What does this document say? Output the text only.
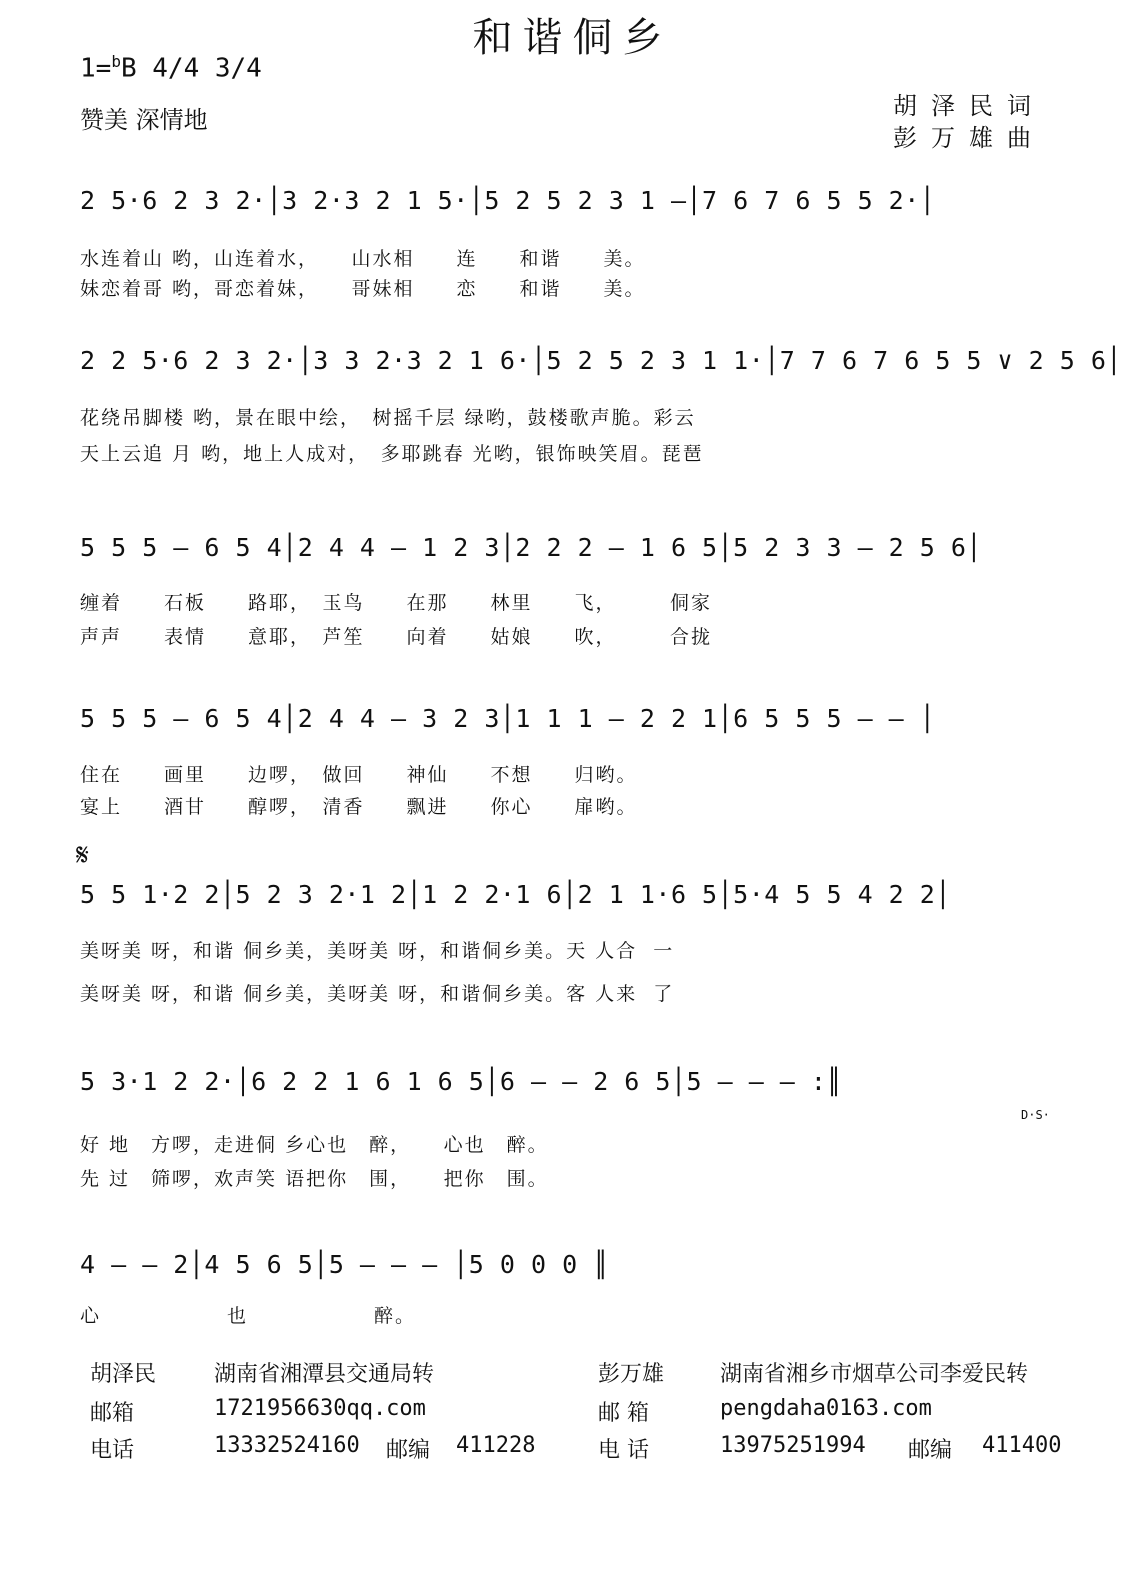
和谐侗乡
1=$^b$B 4/4 3/4
赞美 深情地	胡泽民词
彭万雄曲
2 5·6 2 3 2·│3 2·3 2 1 5·│5 2 5 2 3 1 –│7 6 7 6 5 5 2·│
水连着山 哟，山连着水，　　山水相　　连　　和谐　　美。
妹恋着哥 哟，哥恋着妹，　　哥妹相　　恋　　和谐　　美。
2 2 5·6 2 3 2·│3 3 2·3 2 1 6·│5 2 5 2 3 1 1·│7 7 6 7 6 5 5 ∨ 2 5 6│
花绕吊脚楼 哟，景在眼中绘，　树摇千层 绿哟，鼓楼歌声脆。彩云
天上云追 月 哟，地上人成对，　多耶跳春 光哟，银饰映笑眉。琵琶
5 5 5 – 6 5 4│2 4 4 – 1 2 3│2 2 2 – 1 6 5│5 2 3 3 – 2 5 6│
缠着　　石板　　路耶，　玉鸟　　在那　　林里　　飞，　　　侗家
声声　　表情　　意耶，　芦笙　　向着　　姑娘　　吹，　　　合拢
5 5 5 – 6 5 4│2 4 4 – 3 2 3│1 1 1 – 2 2 1│6 5 5 5 – – │
住在　　画里　　边啰，　做回　　神仙　　不想　　归哟。
宴上　　酒甘　　醇啰，　清香　　飘进　　你心　　扉哟。
𝄋
5 5 1·2 2│5 2 3 2·1 2│1 2 2·1 6│2 1 1·6 5│5·4 5 5 4 2 2│
美呀美 呀，和谐 侗乡美，美呀美 呀，和谐侗乡美。天 人合  一
美呀美 呀，和谐 侗乡美，美呀美 呀，和谐侗乡美。客 人来  了
5 3·1 2 2·│6 2 2 1 6 1 6 5│6 – – 2 6 5│5 – – – :║
D·S·
好 地　方啰，走进侗 乡心也　醉，　　心也　醉。
先 过　筛啰，欢声笑 语把你　围，　　把你　围。
4 – – 2│4 5 6 5│5 – – – │5 0 0 0 ║
心　　　　　　也　　　　　　醉。
胡泽民	湖南省湘潭县交通局转
邮箱	1721956630qq.com
电话	13332524160 邮编 411228
彭万雄	湖南省湘乡市烟草公司李爱民转
邮 箱	pengdaha0163.com
电 话	13975251994 邮编 411400
